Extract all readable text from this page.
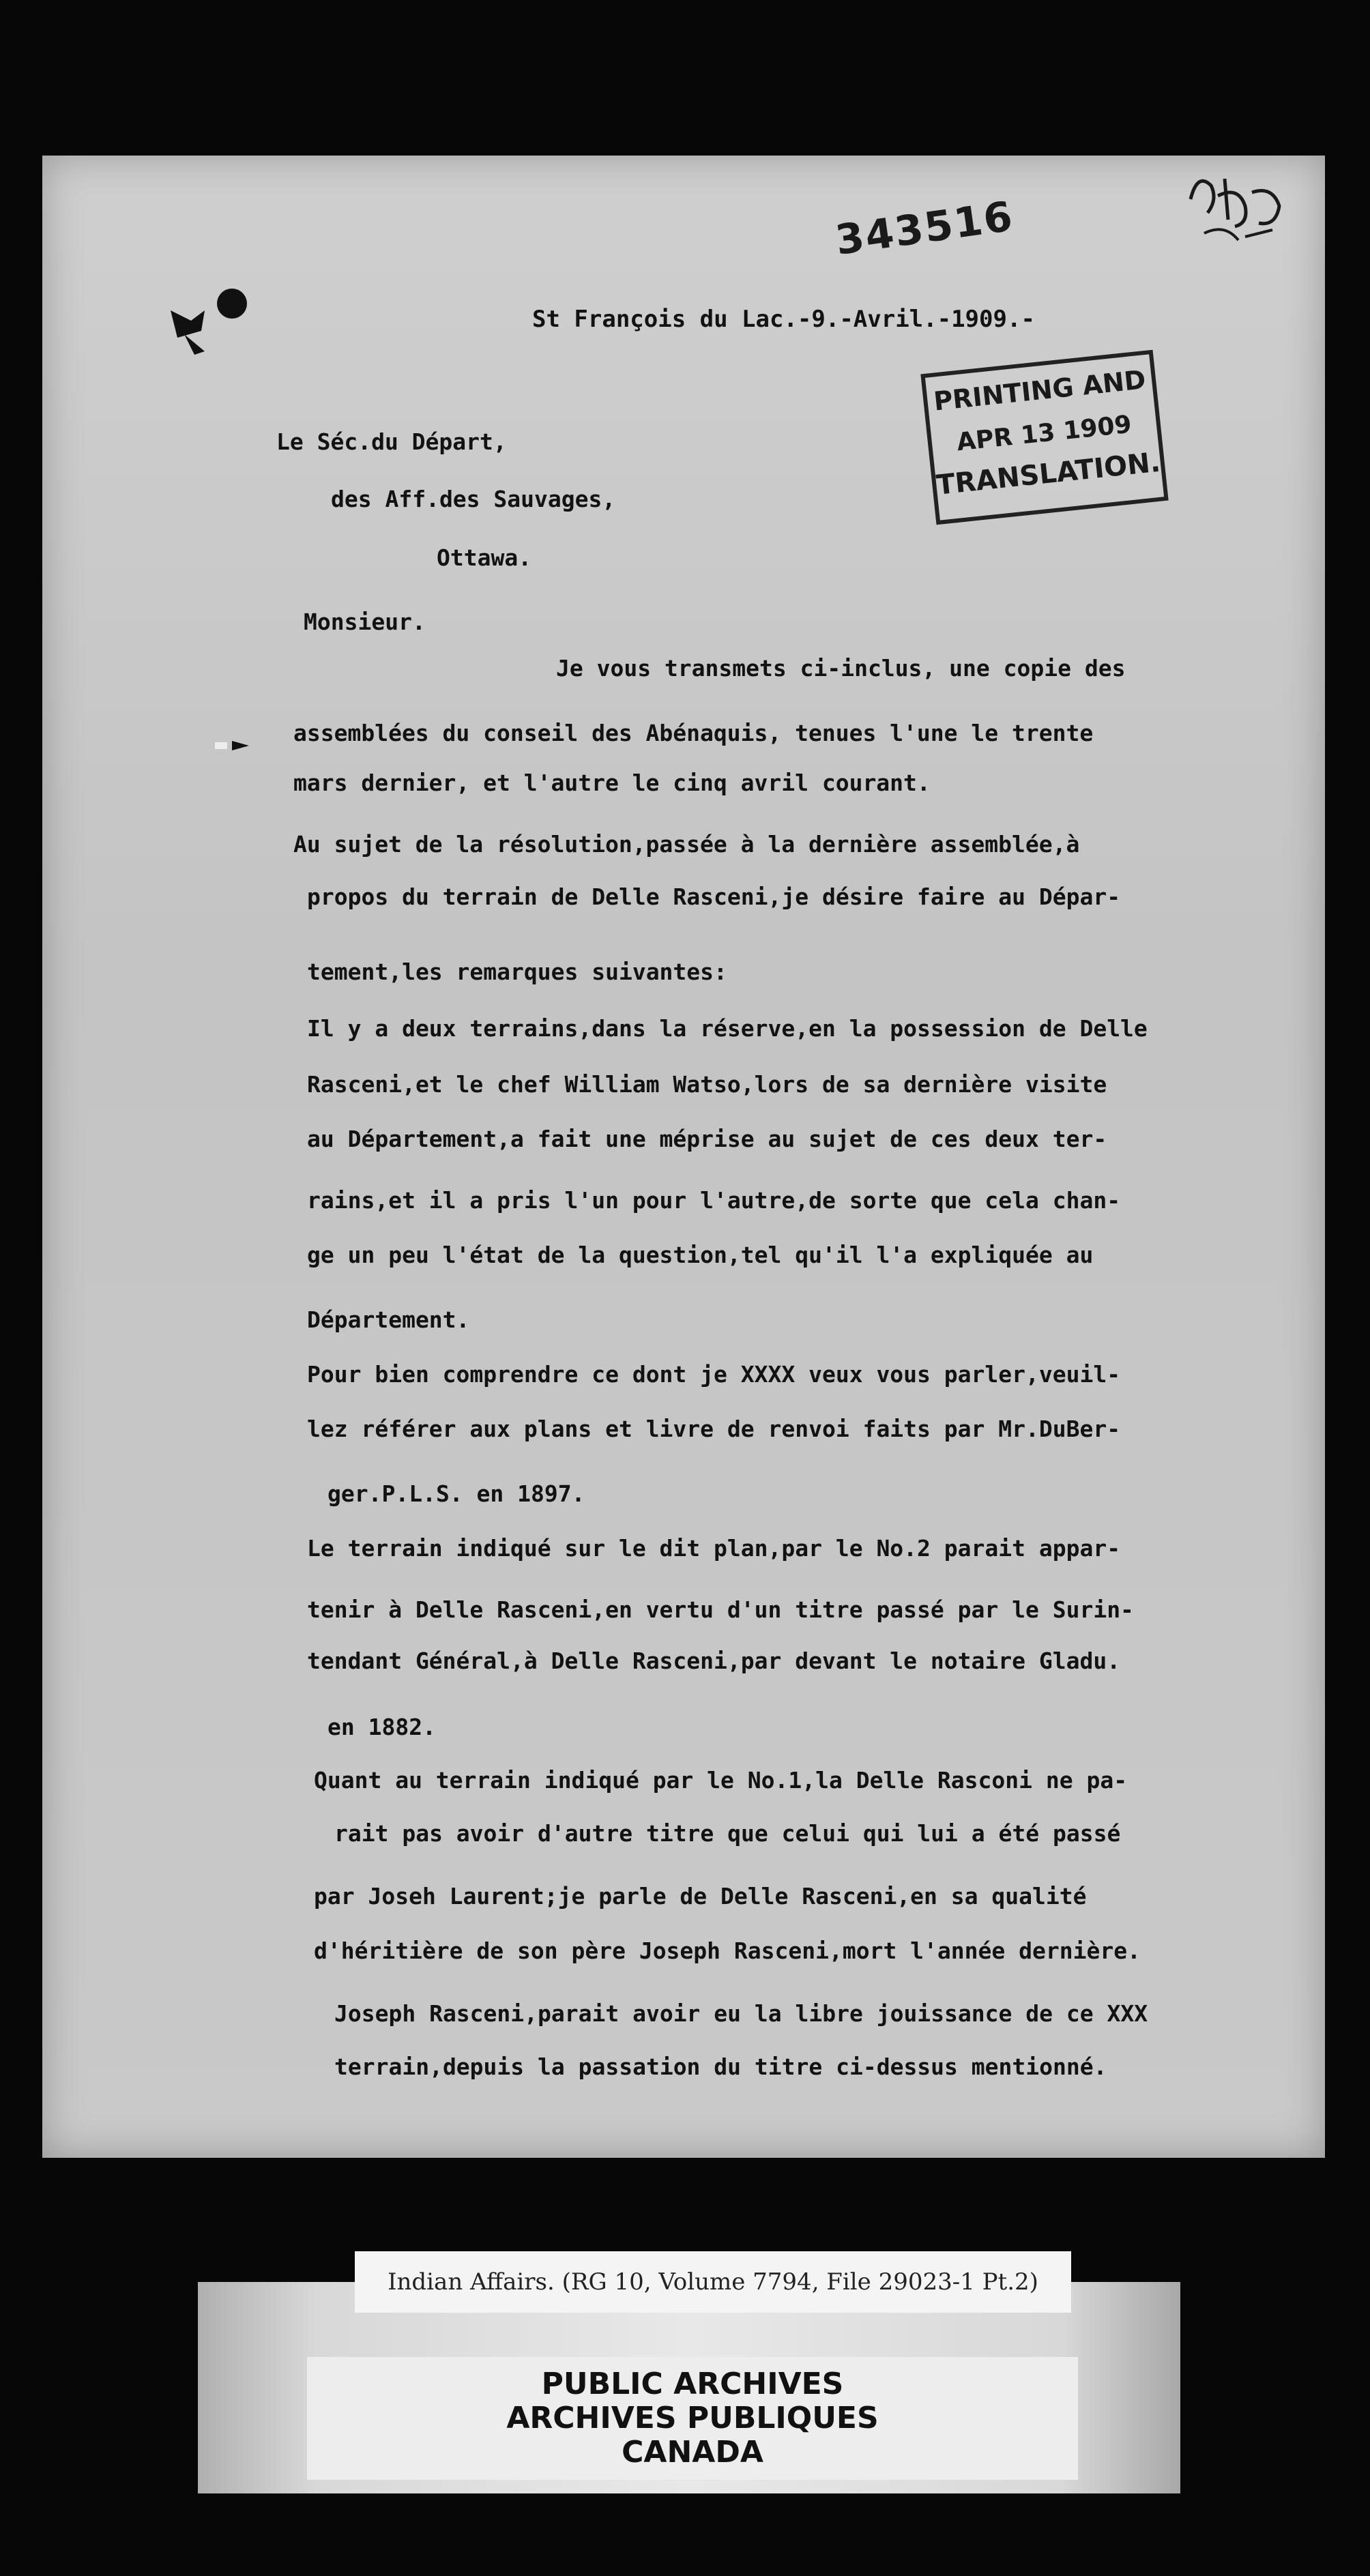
343516
St François du Lac.-9.-Avril.-1909.-
PRINTING AND
APR 13 1909
TRANSLATION.
Le Séc.du Départ,
des Aff.des Sauvages,
Ottawa.
Monsieur.
Je vous transmets ci-inclus, une copie des
assemblées du conseil des Abénaquis, tenues l'une le trente
mars dernier, et l'autre le cinq avril courant.
Au sujet de la résolution,passée à la dernière assemblée,à
propos du terrain de Delle Rasceni,je désire faire au Dépar-
tement,les remarques suivantes:
Il y a deux terrains,dans la réserve,en la possession de Delle
Rasceni,et le chef William Watso,lors de sa dernière visite
au Département,a fait une méprise au sujet de ces deux ter-
rains,et il a pris l'un pour l'autre,de sorte que cela chan-
ge un peu l'état de la question,tel qu'il l'a expliquée au
Département.
Pour bien comprendre ce dont je XXXX veux vous parler,veuil-
lez référer aux plans et livre de renvoi faits par Mr.DuBer-
ger.P.L.S. en 1897.
Le terrain indiqué sur le dit plan,par le No.2 parait appar-
tenir à Delle Rasceni,en vertu d'un titre passé par le Surin-
tendant Général,à Delle Rasceni,par devant le notaire Gladu.
en 1882.
Quant au terrain indiqué par le No.1,la Delle Rasconi ne pa-
rait pas avoir d'autre titre que celui qui lui a été passé
par Joseh Laurent;je parle de Delle Rasceni,en sa qualité
d'héritière de son père Joseph Rasceni,mort l'année dernière.
Joseph Rasceni,parait avoir eu la libre jouissance de ce XXX
terrain,depuis la passation du titre ci-dessus mentionné.
PUBLIC ARCHIVES
ARCHIVES PUBLIQUES
CANADA
Indian Affairs. (RG 10, Volume 7794, File 29023-1 Pt.2)
